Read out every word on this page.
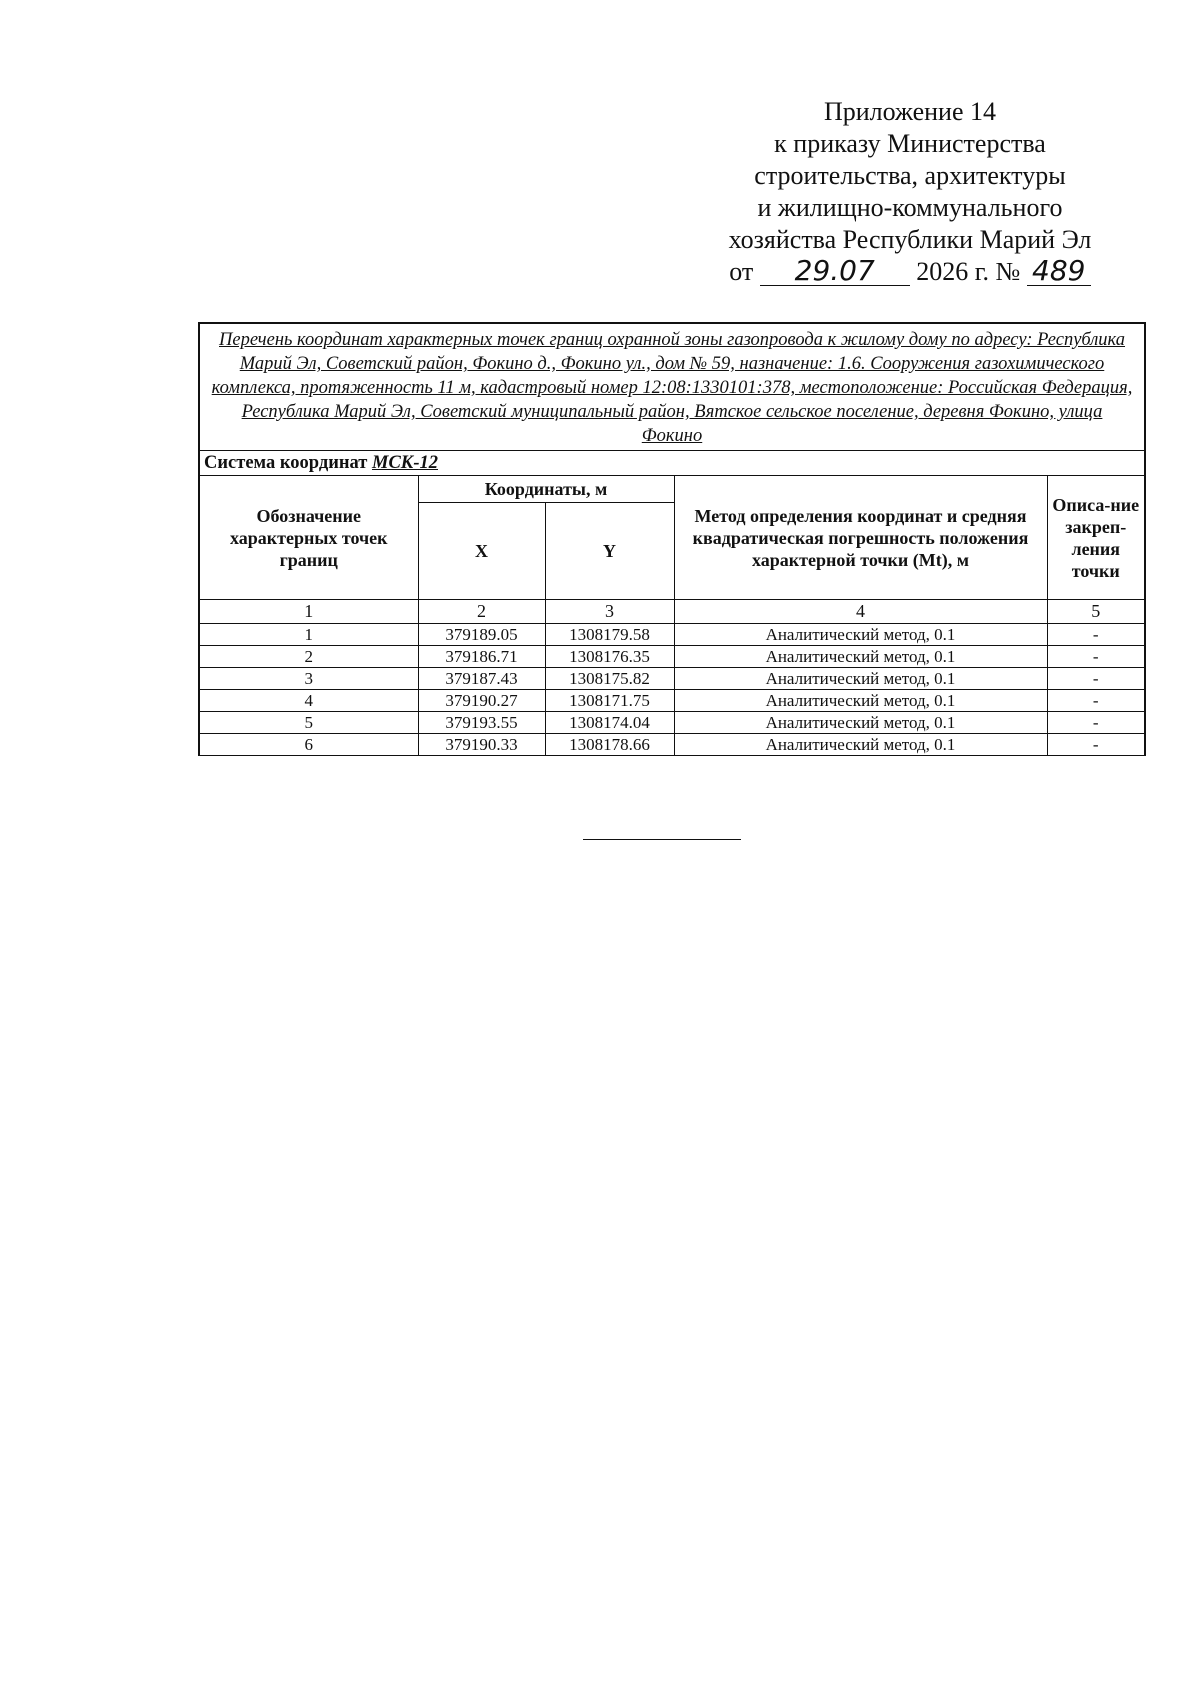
Приложение 14
к приказу Министерства
строительства, архитектуры
и жилищно-коммунального
хозяйства Республики Марий Эл
от 29.07 2026 г. № 489
Перечень координат характерных точек границ охранной зоны газопровода к жилому дому по адресу: Республика Марий Эл, Советский район, Фокино д., Фокино ул., дом № 59, назначение: 1.6. Сооружения газохимического комплекса, протяженность 11 м, кадастровый номер 12:08:1330101:378, местоположение: Российская Федерация, Республика Марий Эл, Советский муниципальный район, Вятское сельское поселение, деревня Фокино, улица Фокино				
Система координат МСК-12				
Обозначение характерных точек границ	Координаты, м		Метод определения координат и средняя квадратическая погрешность положения характерной точки (Mt), м	Описа-ние закреп-ления точки
	X	Y		
1	2	3	4	5
1	379189.05	1308179.58	Аналитический метод, 0.1	-
2	379186.71	1308176.35	Аналитический метод, 0.1	-
3	379187.43	1308175.82	Аналитический метод, 0.1	-
4	379190.27	1308171.75	Аналитический метод, 0.1	-
5	379193.55	1308174.04	Аналитический метод, 0.1	-
6	379190.33	1308178.66	Аналитический метод, 0.1	-
